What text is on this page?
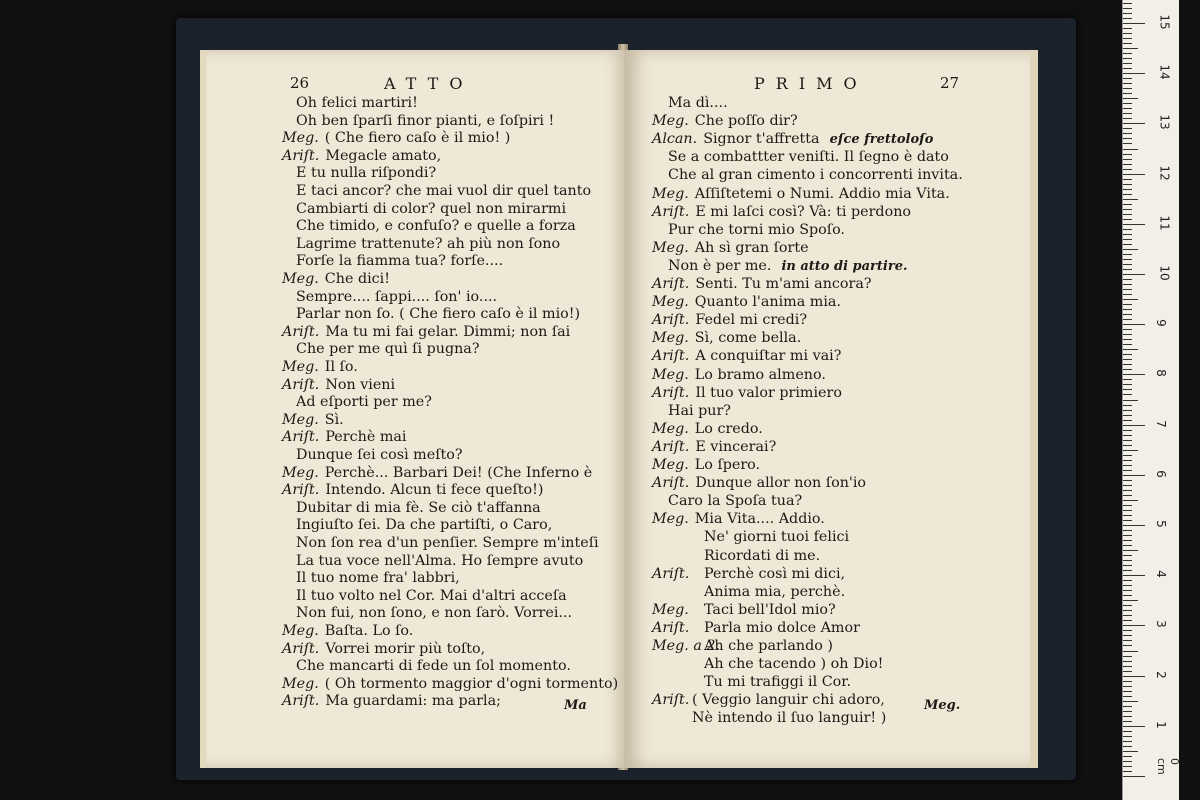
26	ATTO
Oh felici martiri!
Oh ben ſparſi finor pianti, e ſoſpiri !
Meg. ( Che fiero caſo è il mio! )
Ariſt. Megacle amato,
E tu nulla riſpondi?
E taci ancor? che mai vuol dir quel tanto
Cambiarti di color? quel non mirarmi
Che timido, e confuſo? e quelle a forza
Lagrime trattenute? ah più non ſono
Forſe la fiamma tua? forſe....
Meg. Che dici!
Sempre.... ſappi.... ſon' io....
Parlar non ſo. ( Che fiero caſo è il mio!)
Ariſt. Ma tu mi fai gelar. Dimmi; non ſai
Che per me quì ſi pugna?
Meg. Il ſo.
Ariſt. Non vieni
Ad eſporti per me?
Meg. Sì.
Ariſt. Perchè mai
Dunque ſei così meſto?
Meg. Perchè... Barbari Dei! (Che Inferno è
Ariſt. Intendo. Alcun ti fece queſto!)
Dubitar di mia fè. Se ciò t'affanna
Ingiuſto ſei. Da che partiſti, o Caro,
Non ſon rea d'un penſier. Sempre m'inteſi
La tua voce nell'Alma. Ho ſempre avuto
Il tuo nome fra' labbri,
Il tuo volto nel Cor. Mai d'altri acceſa
Non fui, non ſono, e non ſarò. Vorrei...
Meg. Baſta. Lo ſo.
Ariſt. Vorrei morir più toſto,
Che mancarti di fede un ſol momento.
Meg. ( Oh tormento maggior d'ogni tormento)
Ariſt. Ma guardami: ma parla;	Ma
PRIMO	27
Ma dì....
Meg. Che poſſo dir?
Alcan. Signor t'affretta eſce frettoloſo
Se a combattter veniſti. Il ſegno è dato
Che al gran cimento i concorrenti invita.
Meg. Aſſiſtetemi o Numi. Addio mia Vita.
Ariſt. E mi laſci così? Và: ti perdono
Pur che torni mio Spoſo.
Meg. Ah sì gran ſorte
Non è per me. in atto di partire.
Ariſt. Senti. Tu m'ami ancora?
Meg. Quanto l'anima mia.
Ariſt. Fedel mi credi?
Meg. Sì, come bella.
Ariſt. A conquiſtar mi vai?
Meg. Lo bramo almeno.
Ariſt. Il tuo valor primiero
Hai pur?
Meg. Lo credo.
Ariſt. E vincerai?
Meg. Lo ſpero.
Ariſt. Dunque allor non ſon'io
Caro la Spoſa tua?
Meg. Mia Vita.... Addio.
Ne' giorni tuoi felici
Ricordati di me.
Ariſt. Perchè così mi dici,
Anima mia, perchè.
Meg. Taci bell'Idol mio?
Ariſt. Parla mio dolce Amor
Meg. a 2.
Ah che parlando )
Ah che tacendo ) oh Dio!
Tu mi trafiggi il Cor.
Ariſt. ( Veggio languir chi adoro,
Nè intendo il ſuo languir! )
Meg.
0 cm
1
2
3
4
5
6
7
8
9
10
11
12
13
14
15
